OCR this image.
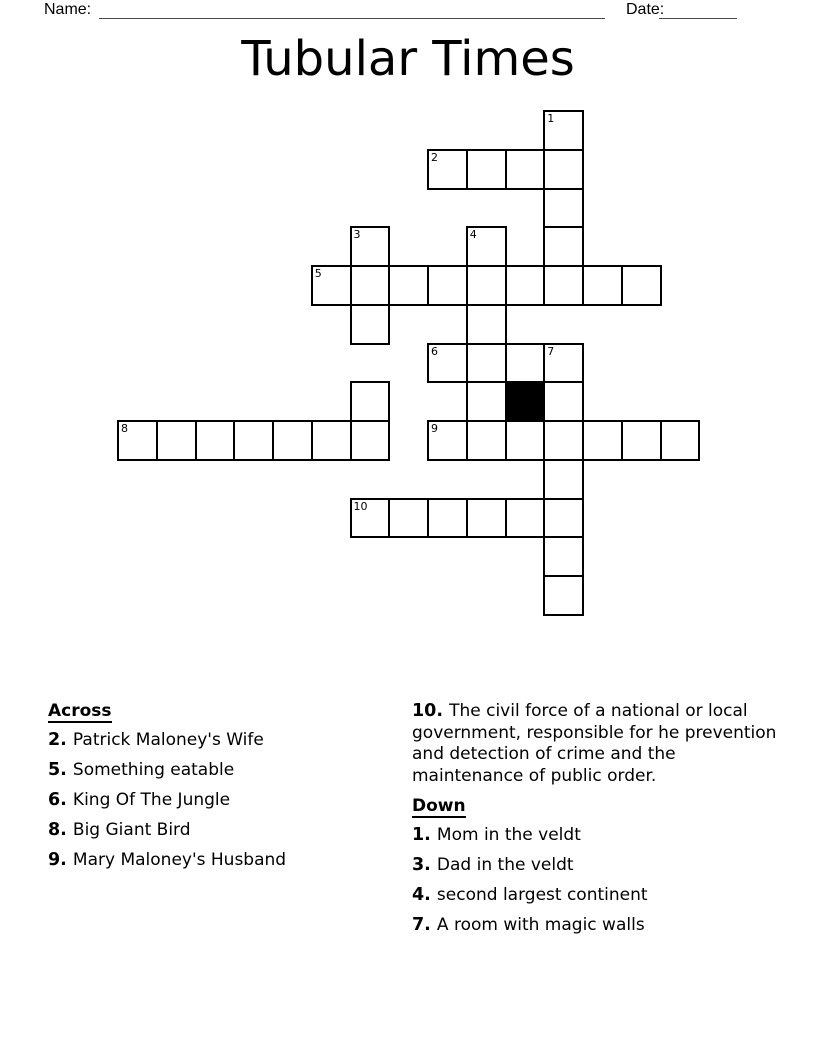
Name:	Date:
Tubular Times
1
2
3	4
5
6	7
8	9
10
Across
2. Patrick Maloney's Wife
5. Something eatable
6. King Of The Jungle
8. Big Giant Bird
9. Mary Maloney's Husband
10. The civil force of a national or local government, responsible for he prevention and detection of crime and the maintenance of public order.
Down
1. Mom in the veldt
3. Dad in the veldt
4. second largest continent
7. A room with magic walls
